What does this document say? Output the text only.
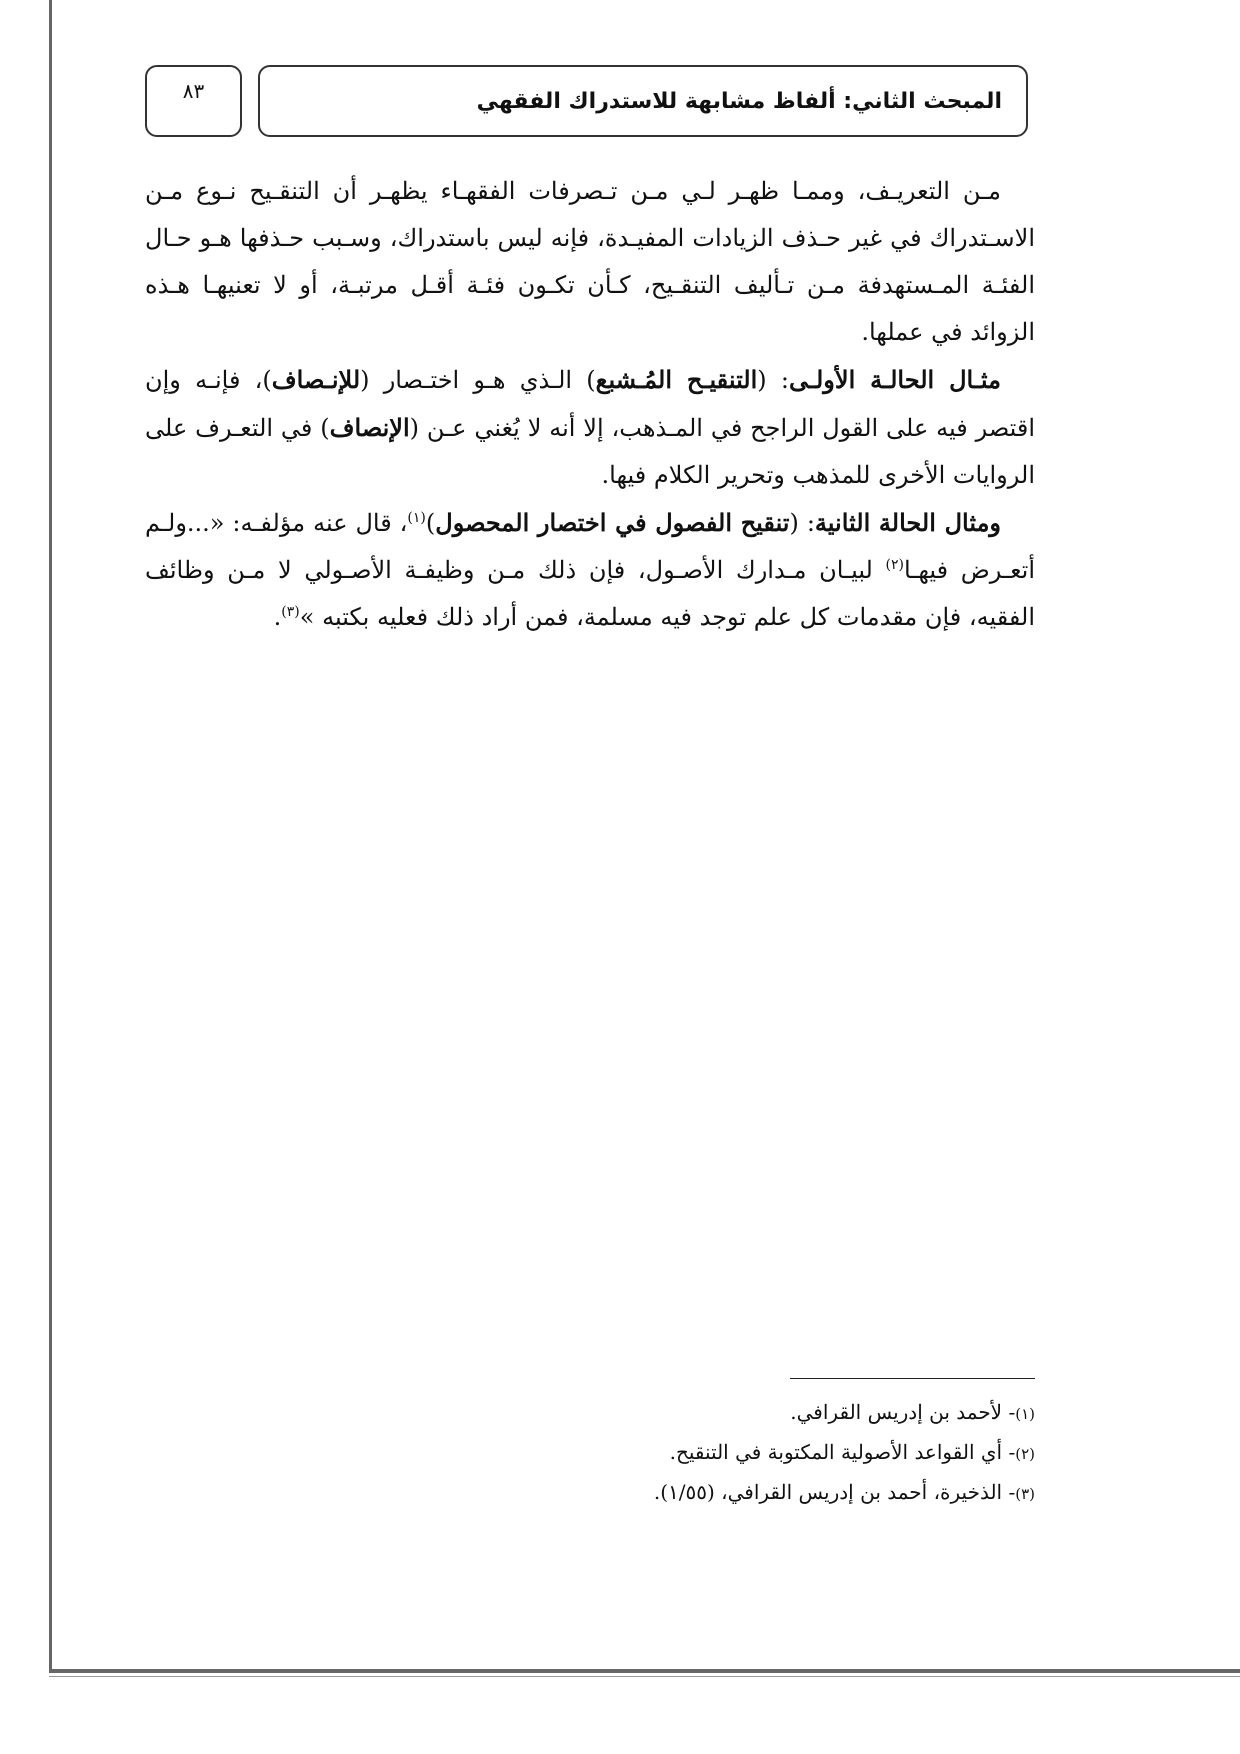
المبحث الثاني: ألفاظ مشابهة للاستدراك الفقهي
٨٣

مـن التعريـف، وممـا ظهـر لـي مـن تـصرفات الفقهـاء يظهـر أن التنقـيح نـوع مـن الاسـتدراك في غير حـذف الزيادات المفيـدة، فإنه ليس باستدراك، وسـبب حـذفها هـو حـال الفئـة المـستهدفة مـن تـأليف التنقـيح، كـأن تكـون فئـة أقـل مرتبـة، أو لا تعنيهـا هـذه الزوائد في عملها.

مثـال الحالـة الأولـى: (التنقيـح المُـشبع) الـذي هـو اختـصار (للإنـصاف)، فإنـه وإن اقتصر فيه على القول الراجح في المـذهب، إلا أنه لا يُغني عـن (الإنصاف) في التعـرف على الروايات الأخرى للمذهب وتحرير الكلام فيها.

ومثال الحالة الثانية: (تنقيح الفصول في اختصار المحصول)$^{(١)}$، قال عنه مؤلفـه: «...ولـم أتعـرض فيهـا$^{(٢)}$ لبيـان مـدارك الأصـول، فإن ذلك مـن وظيفـة الأصـولي لا مـن وظائف الفقيه، فإن مقدمات كل علم توجد فيه مسلمة، فمن أراد ذلك فعليه بكتبه »$^{(٣)}$.

(١)- لأحمد بن إدريس القرافي.

(٢)- أي القواعد الأصولية المكتوبة في التنقيح.

(٣)- الذخيرة، أحمد بن إدريس القرافي، (١/٥٥).
